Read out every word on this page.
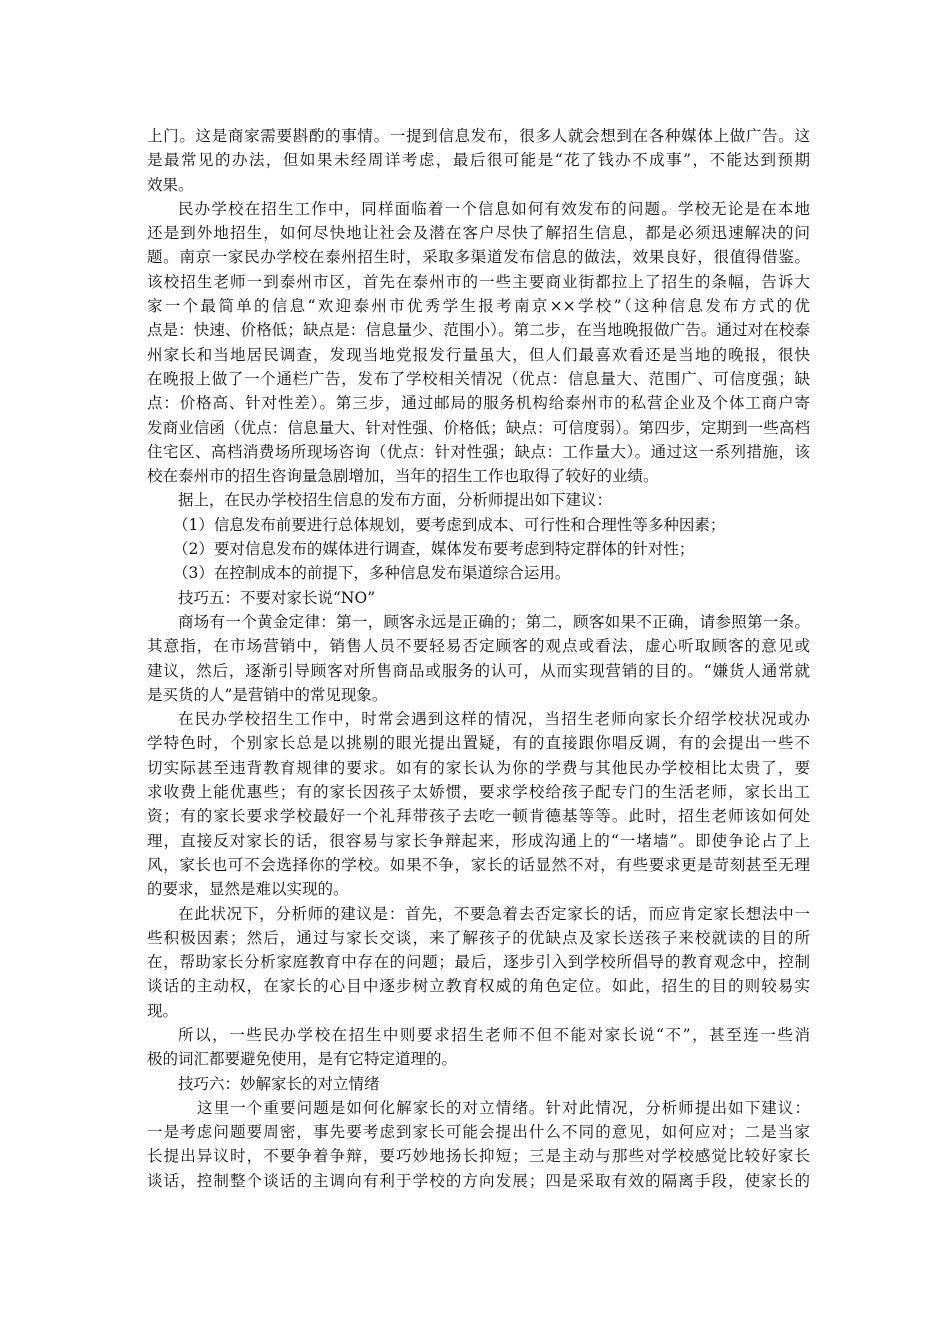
上门。这是商家需要斟酌的事情。一提到信息发布，很多人就会想到在各种媒体上做广告。这
是最常见的办法，但如果未经周详考虑，最后很可能是“花了钱办不成事”，不能达到预期
效果。
民办学校在招生工作中，同样面临着一个信息如何有效发布的问题。学校无论是在本地
还是到外地招生，如何尽快地让社会及潜在客户尽快了解招生信息，都是必须迅速解决的问
题。南京一家民办学校在泰州招生时，采取多渠道发布信息的做法，效果良好，很值得借鉴。
该校招生老师一到泰州市区，首先在泰州市的一些主要商业街都拉上了招生的条幅，告诉大
家一个最简单的信息“欢迎泰州市优秀学生报考南京××学校”（这种信息发布方式的优
点是：快速、价格低；缺点是：信息量少、范围小）。第二步，在当地晚报做广告。通过对在校泰
州家长和当地居民调查，发现当地党报发行量虽大，但人们最喜欢看还是当地的晚报，很快
在晚报上做了一个通栏广告，发布了学校相关情况（优点：信息量大、范围广、可信度强；缺
点：价格高、针对性差）。第三步，通过邮局的服务机构给泰州市的私营企业及个体工商户寄
发商业信函（优点：信息量大、针对性强、价格低；缺点：可信度弱）。第四步，定期到一些高档
住宅区、高档消费场所现场咨询（优点：针对性强；缺点：工作量大）。通过这一系列措施，该
校在泰州市的招生咨询量急剧增加，当年的招生工作也取得了较好的业绩。
据上，在民办学校招生信息的发布方面，分析师提出如下建议：
（1）信息发布前要进行总体规划，要考虑到成本、可行性和合理性等多种因素；
（2）要对信息发布的媒体进行调查，媒体发布要考虑到特定群体的针对性；
（3）在控制成本的前提下，多种信息发布渠道综合运用。
技巧五：不要对家长说“NO”
商场有一个黄金定律：第一，顾客永远是正确的；第二，顾客如果不正确，请参照第一条。
其意指，在市场营销中，销售人员不要轻易否定顾客的观点或看法，虚心听取顾客的意见或
建议，然后，逐渐引导顾客对所售商品或服务的认可，从而实现营销的目的。“嫌货人通常就
是买货的人”是营销中的常见现象。
在民办学校招生工作中，时常会遇到这样的情况，当招生老师向家长介绍学校状况或办
学特色时，个别家长总是以挑剔的眼光提出置疑，有的直接跟你唱反调，有的会提出一些不
切实际甚至违背教育规律的要求。如有的家长认为你的学费与其他民办学校相比太贵了，要
求收费上能优惠些；有的家长因孩子太娇惯，要求学校给孩子配专门的生活老师，家长出工
资；有的家长要求学校最好一个礼拜带孩子去吃一顿肯德基等等。此时，招生老师该如何处
理，直接反对家长的话，很容易与家长争辩起来，形成沟通上的“一堵墙”。即使争论占了上
风，家长也可不会选择你的学校。如果不争，家长的话显然不对，有些要求更是苛刻甚至无理
的要求，显然是难以实现的。
在此状况下，分析师的建议是：首先，不要急着去否定家长的话，而应肯定家长想法中一
些积极因素；然后，通过与家长交谈，来了解孩子的优缺点及家长送孩子来校就读的目的所
在，帮助家长分析家庭教育中存在的问题；最后，逐步引入到学校所倡导的教育观念中，控制
谈话的主动权，在家长的心目中逐步树立教育权威的角色定位。如此，招生的目的则较易实
现。
所以，一些民办学校在招生中则要求招生老师不但不能对家长说“不”，甚至连一些消
极的词汇都要避免使用，是有它特定道理的。
技巧六：妙解家长的对立情绪
这里一个重要问题是如何化解家长的对立情绪。针对此情况，分析师提出如下建议：
一是考虑问题要周密，事先要考虑到家长可能会提出什么不同的意见，如何应对；二是当家
长提出异议时，不要争着争辩，要巧妙地扬长抑短；三是主动与那些对学校感觉比较好家长
谈话，控制整个谈话的主调向有利于学校的方向发展；四是采取有效的隔离手段，使家长的
